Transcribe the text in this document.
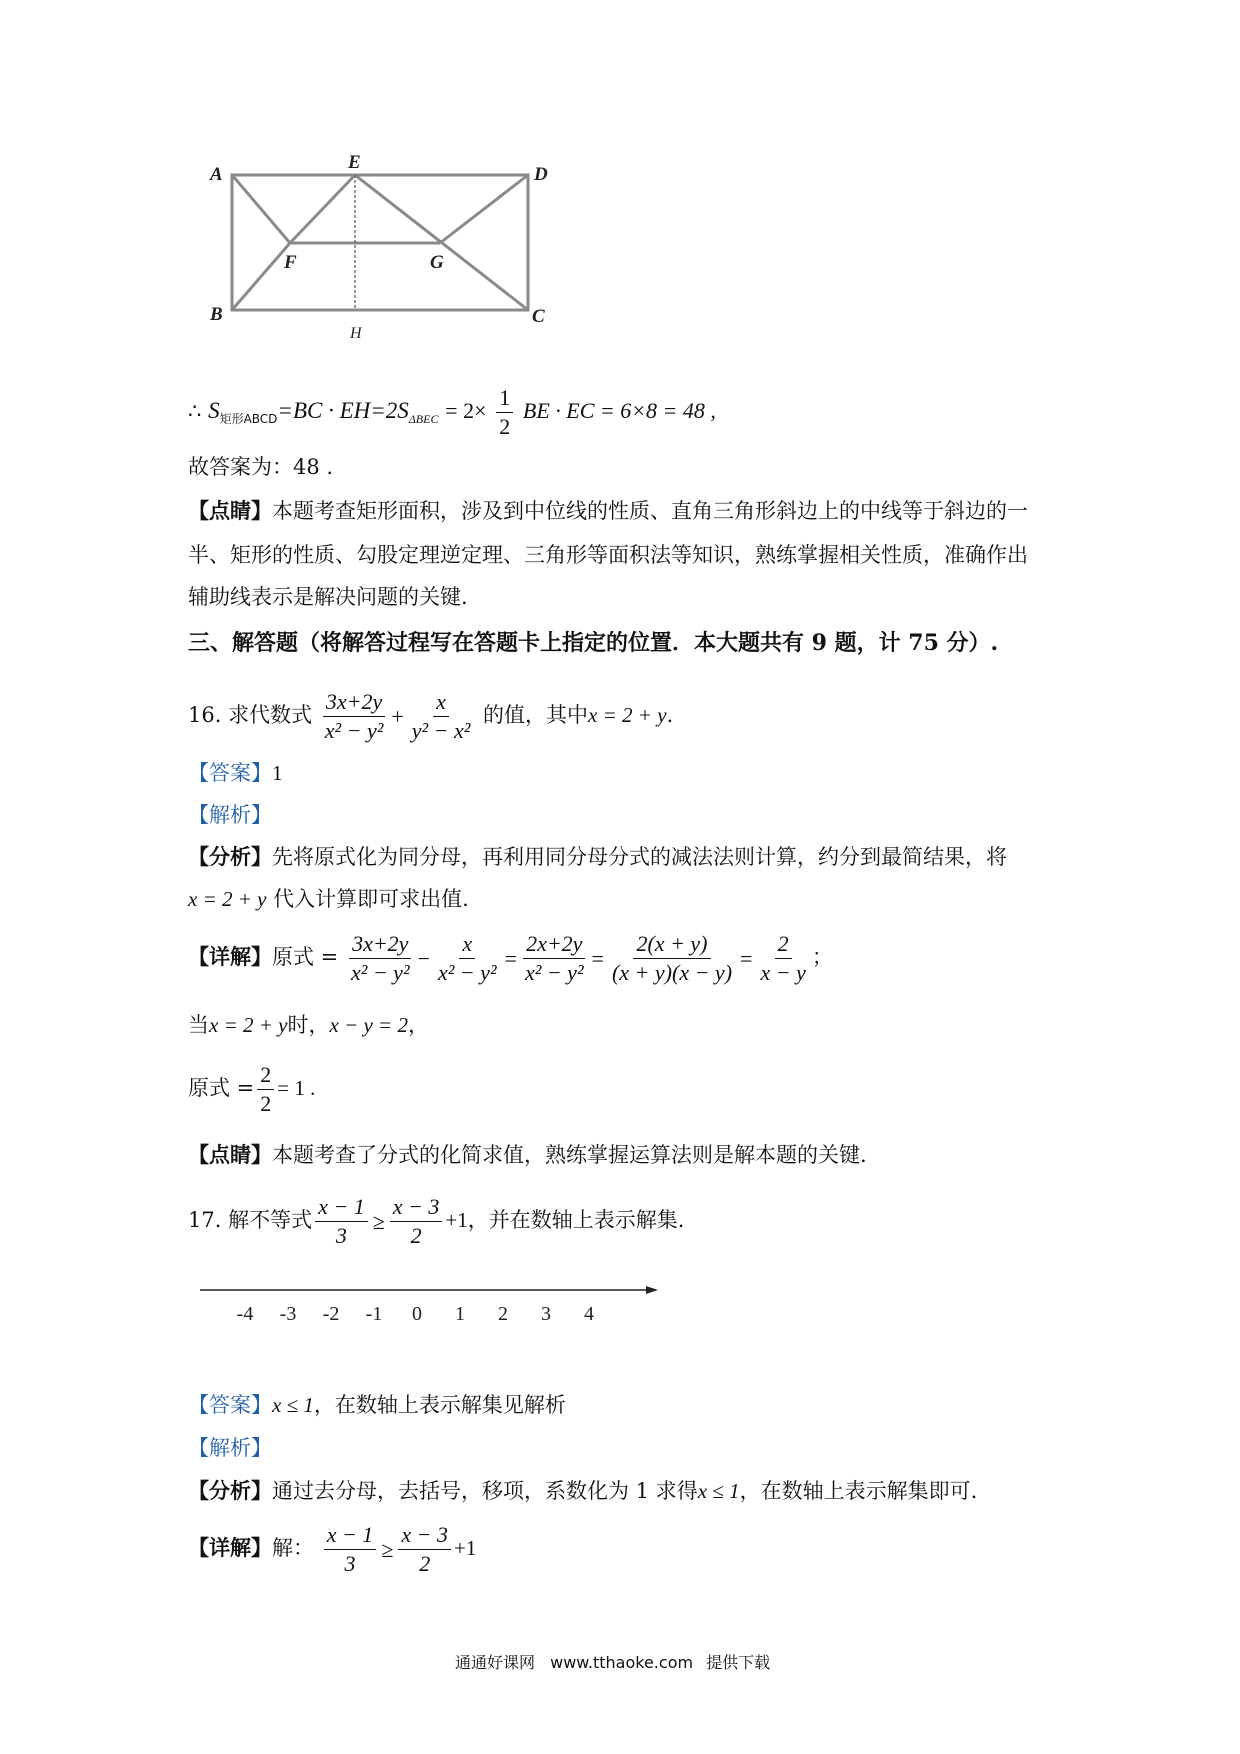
A
E
D
F	G
B
H
C
∴ $S_{矩形ABCD}=BC \cdot EH=2S_{\Delta BEC} = 2\times \frac{1}{2}$ BE · EC = 6×8 = 48 ,
故答案为：48 .
【点睛】本题考查矩形面积，涉及到中位线的性质、直角三角形斜边上的中线等于斜边的一
半、矩形的性质、勾股定理逆定理、三角形等面积法等知识，熟练掌握相关性质，准确作出
辅助线表示是解决问题的关键.
三、解答题（将解答过程写在答题卡上指定的位置．本大题共有 9 题，计 75 分）.
16. 求代数式 $\frac{3x+2y}{\text{x² − y²}} + \frac{x}{\text{y² − x²}}$ 的值，其中x = 2 + y.
【答案】1
【解析】
【分析】先将原式化为同分母，再利用同分母分式的减法法则计算，约分到最简结果，将
x = 2 + y 代入计算即可求出值.
【详解】原式 = $\frac{3x+2y}{\text{x² − y²}} - \frac{x}{\text{x² − y²}} = \frac{2x+2y}{\text{x² − y²}} = \frac{2(x + y)}{(x + y)(x - y)} = \frac{2}{x - y}$ ；
当x = 2 + y时，x − y = 2，
原式 = $\frac{2}{2} = 1$ .
【点睛】本题考查了分式的化简求值，熟练掌握运算法则是解本题的关键.
17. 解不等式 $\frac{x - 1}{3} \ge \frac{x - 3}{2} +1$，并在数轴上表示解集.
-4 -3 -2 -1 0 1 2 3 4
【答案】x ≤ 1，在数轴上表示解集见解析
【解析】
【分析】通过去分母，去括号，移项，系数化为 1 求得x ≤ 1，在数轴上表示解集即可.
【详解】解： $\frac{x - 1}{3} \ge \frac{x - 3}{2} +1$
通通好课网 www.tthaoke.com 提供下载
